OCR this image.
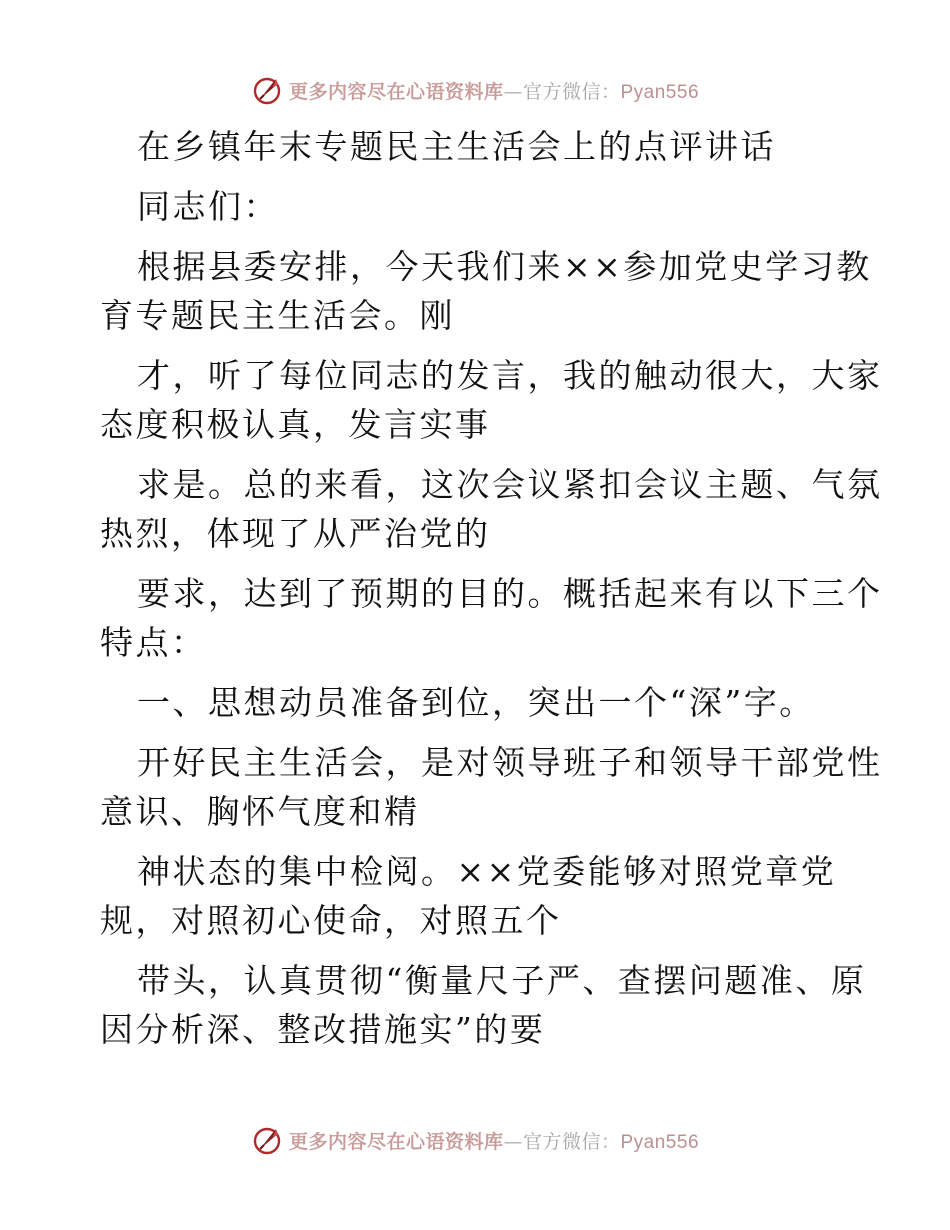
更多内容尽在心语资料库—官方微信：Pyan556
在乡镇年末专题民主生活会上的点评讲话
同志们：
根据县委安排，今天我们来××参加党史学习教
育专题民主生活会。刚
才，听了每位同志的发言，我的触动很大，大家
态度积极认真，发言实事
求是。总的来看，这次会议紧扣会议主题、气氛
热烈，体现了从严治党的
要求，达到了预期的目的。概括起来有以下三个
特点：
一、思想动员准备到位，突出一个“深”字。
开好民主生活会，是对领导班子和领导干部党性
意识、胸怀气度和精
神状态的集中检阅。××党委能够对照党章党
规，对照初心使命，对照五个
带头，认真贯彻“衡量尺子严、查摆问题准、原
因分析深、整改措施实”的要
更多内容尽在心语资料库—官方微信：Pyan556
